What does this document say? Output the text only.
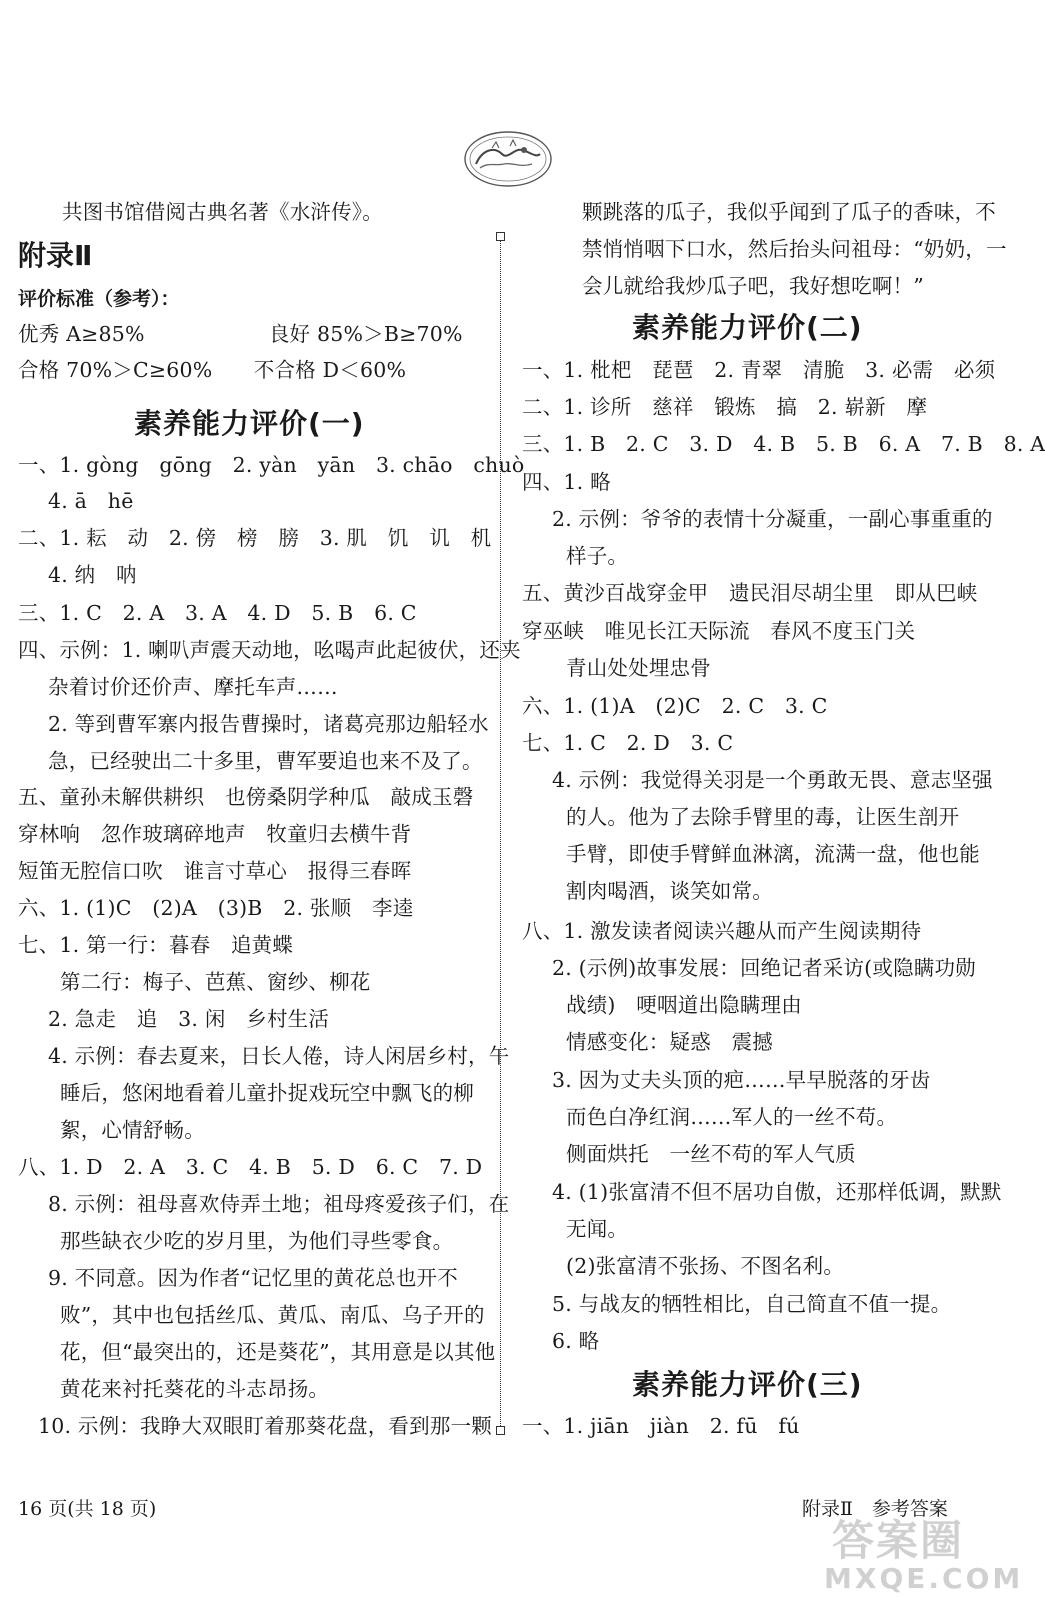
共图书馆借阅古典名著《水浒传》。
附录Ⅱ
评价标准（参考）：
优秀 A≥85%　　　　　　良好 85%＞B≥70%
合格 70%＞C≥60%　　不合格 D＜60%
素养能力评价(一)
一、1. gòng　gōng　2. yàn　yān　3. chāo　chuò
4. ā　hē
二、1. 耘　动　2. 傍　榜　膀　3. 肌　饥　讥　机
4. 纳　呐
三、1. C　2. A　3. A　4. D　5. B　6. C
四、示例：1. 喇叭声震天动地，吆喝声此起彼伏，还夹
杂着讨价还价声、摩托车声……
2. 等到曹军寨内报告曹操时，诸葛亮那边船轻水
急，已经驶出二十多里，曹军要追也来不及了。
五、童孙未解供耕织　也傍桑阴学种瓜　敲成玉磬
穿林响　忽作玻璃碎地声　牧童归去横牛背
短笛无腔信口吹　谁言寸草心　报得三春晖
六、1. (1)C　(2)A　(3)B　2. 张顺　李逵
七、1. 第一行：暮春　追黄蝶
第二行：梅子、芭蕉、窗纱、柳花
2. 急走　追　3. 闲　乡村生活
4. 示例：春去夏来，日长人倦，诗人闲居乡村，午
睡后，悠闲地看着儿童扑捉戏玩空中飘飞的柳
絮，心情舒畅。
八、1. D　2. A　3. C　4. B　5. D　6. C　7. D
8. 示例：祖母喜欢侍弄土地；祖母疼爱孩子们，在
那些缺衣少吃的岁月里，为他们寻些零食。
9. 不同意。因为作者“记忆里的黄花总也开不
败”，其中也包括丝瓜、黄瓜、南瓜、乌子开的
花，但“最突出的，还是葵花”，其用意是以其他
黄花来衬托葵花的斗志昂扬。
10. 示例：我睁大双眼盯着那葵花盘，看到那一颗
颗跳落的瓜子，我似乎闻到了瓜子的香味，不
禁悄悄咽下口水，然后抬头问祖母：“奶奶，一
会儿就给我炒瓜子吧，我好想吃啊！”
素养能力评价(二)
一、1. 枇杷　琵琶　2. 青翠　清脆　3. 必需　必须
二、1. 诊所　慈祥　锻炼　搞　2. 崭新　摩
三、1. B　2. C　3. D　4. B　5. B　6. A　7. B　8. A
四、1. 略
2. 示例：爷爷的表情十分凝重，一副心事重重的
样子。
五、黄沙百战穿金甲　遗民泪尽胡尘里　即从巴峡
穿巫峡　唯见长江天际流　春风不度玉门关
青山处处埋忠骨
六、1. (1)A　(2)C　2. C　3. C
七、1. C　2. D　3. C
4. 示例：我觉得关羽是一个勇敢无畏、意志坚强
的人。他为了去除手臂里的毒，让医生剖开
手臂，即使手臂鲜血淋漓，流满一盘，他也能
割肉喝酒，谈笑如常。
八、1. 激发读者阅读兴趣从而产生阅读期待
2. (示例)故事发展：回绝记者采访(或隐瞒功勋
战绩)　哽咽道出隐瞒理由
情感变化：疑惑　震撼
3. 因为丈夫头顶的疤……早早脱落的牙齿
而色白净红润……军人的一丝不苟。
侧面烘托　一丝不苟的军人气质
4. (1)张富清不但不居功自傲，还那样低调，默默
无闻。
(2)张富清不张扬、不图名利。
5. 与战友的牺牲相比，自己简直不值一提。
6. 略
素养能力评价(三)
一、1. jiān　jiàn　2. fū　fú
16 页(共 18 页)	附录Ⅱ　参考答案
答案圈
MXQE.COM
